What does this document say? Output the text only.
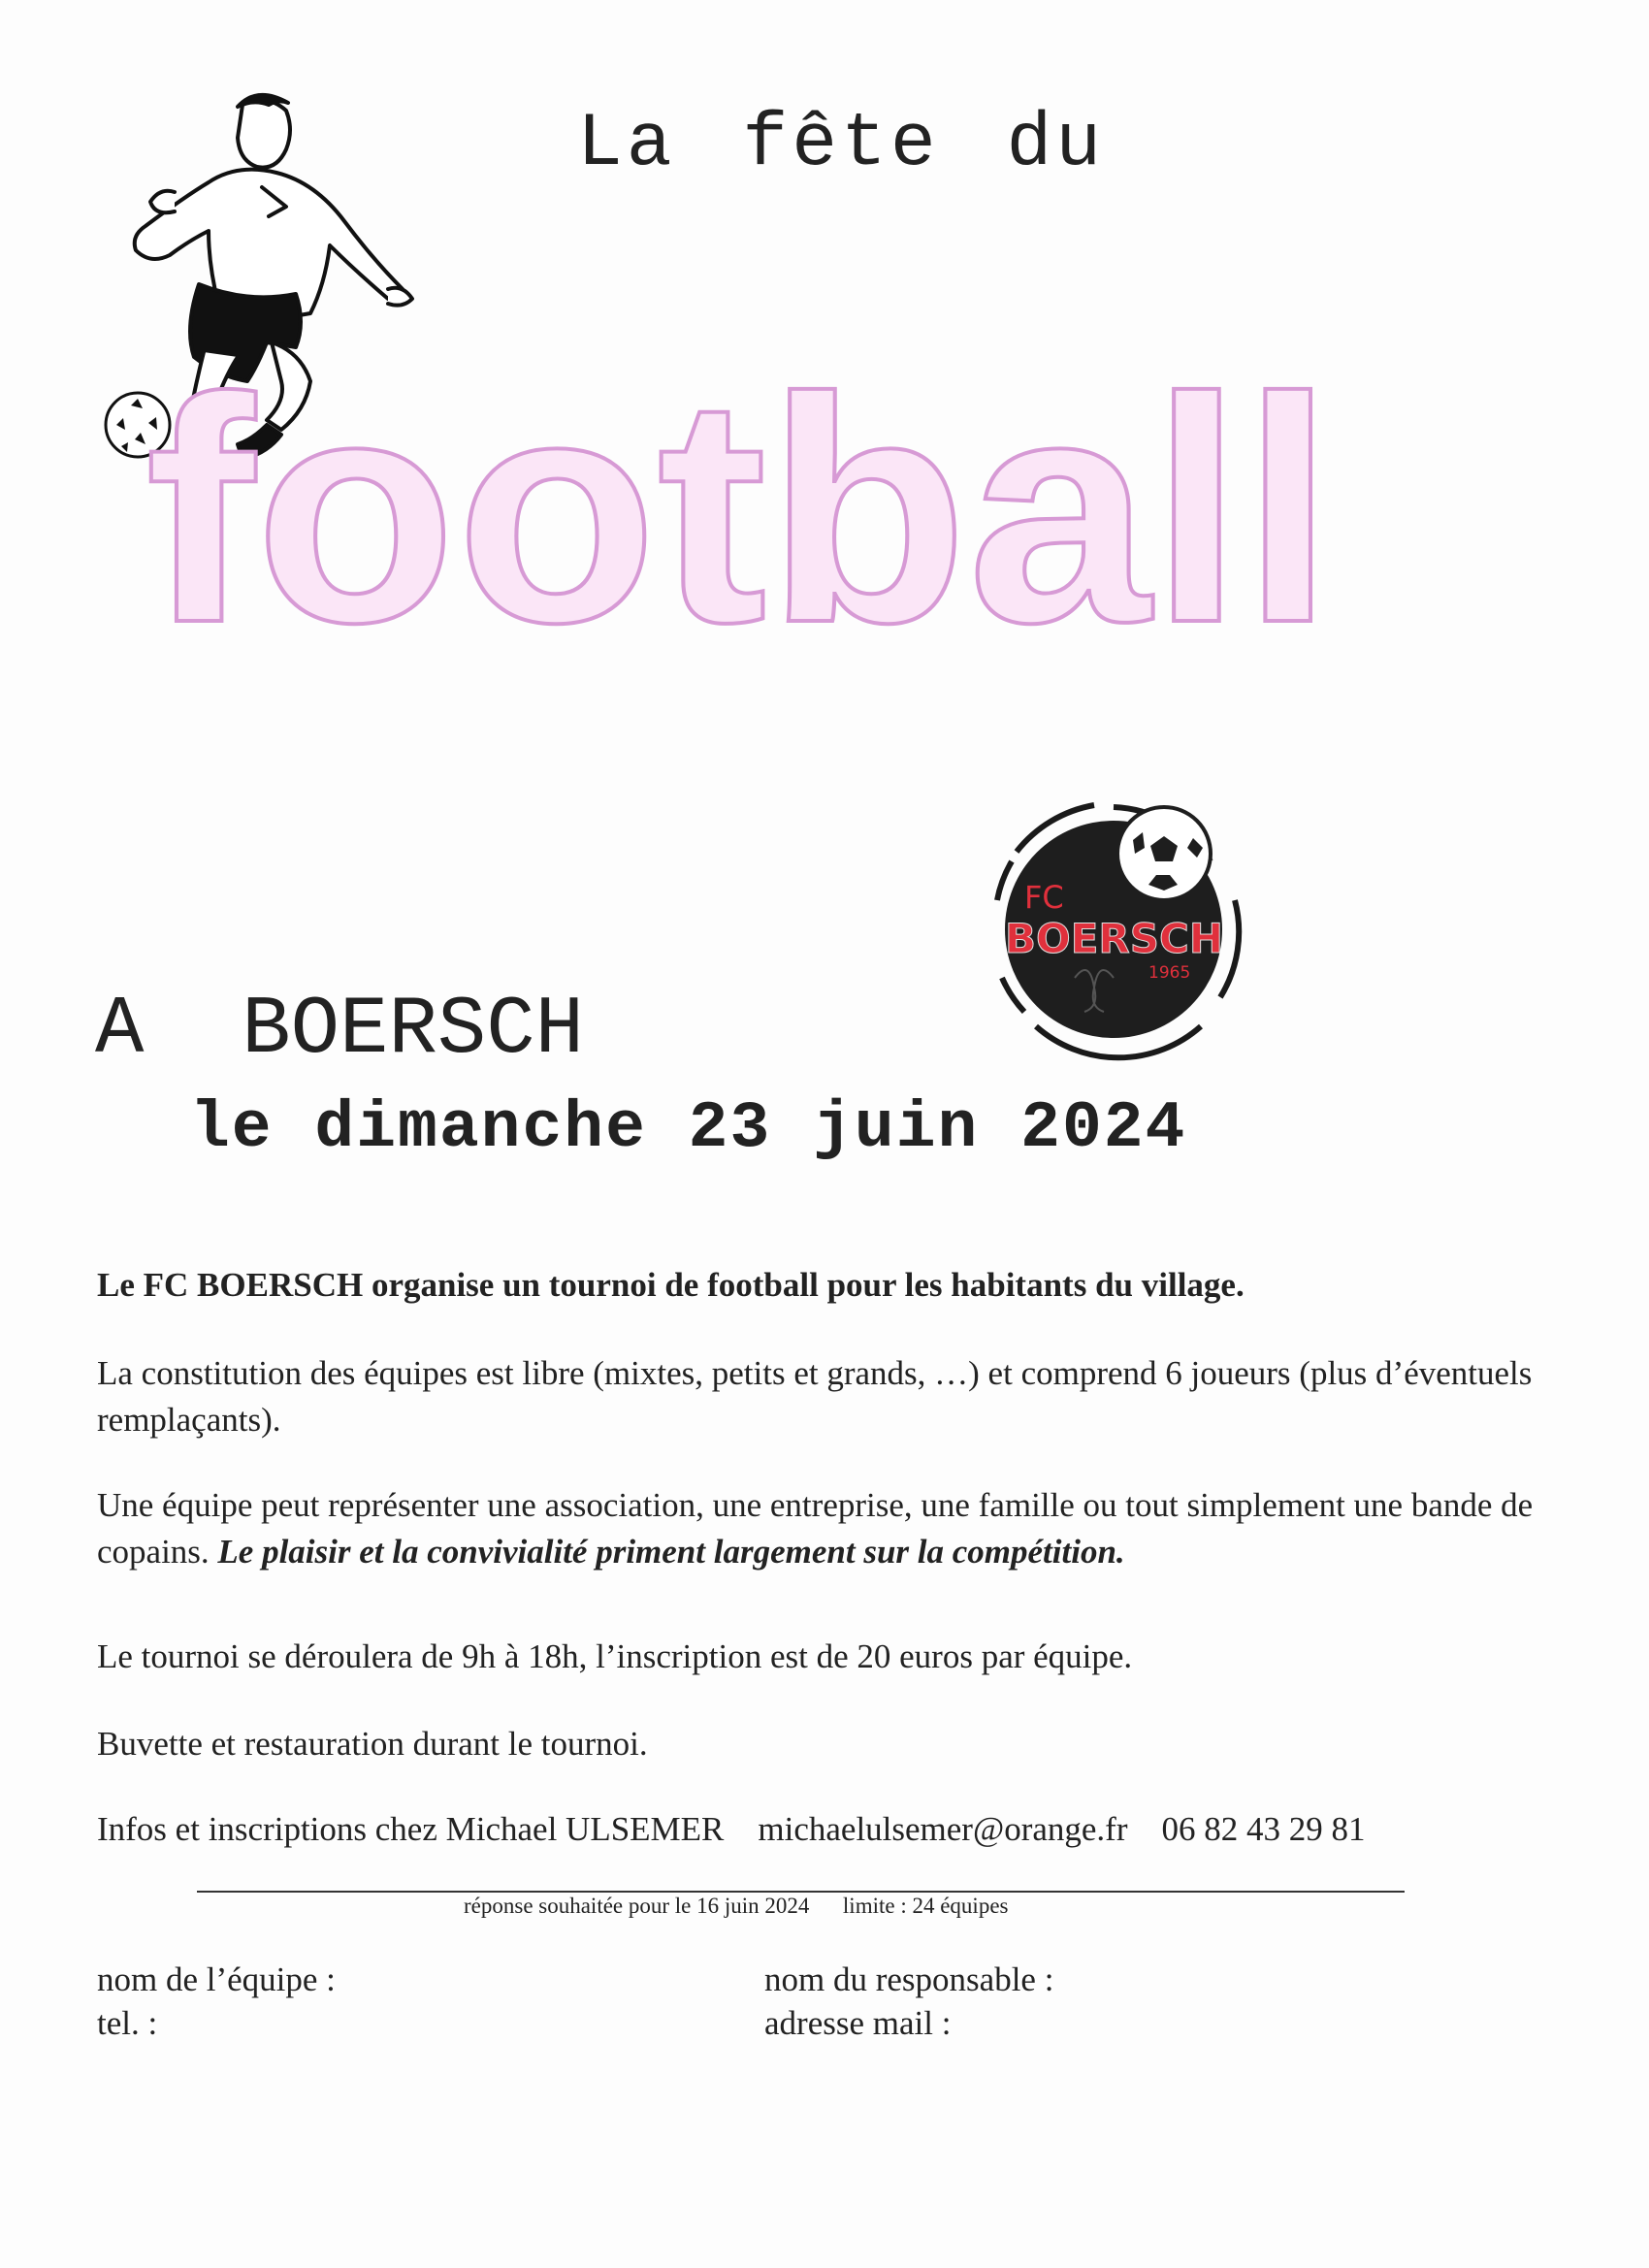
La fête du
football
FC
BOERSCH
1965
A  BOERSCH
le dimanche 23 juin 2024
Le FC BOERSCH organise un tournoi de football pour les habitants du village.
La constitution des équipes est libre (mixtes, petits et grands, …) et comprend 6 joueurs (plus d’éventuels remplaçants).
Une équipe peut représenter une association, une entreprise, une famille ou tout simplement une bande de copains. Le plaisir et la convivialité priment largement sur la compétition.
Le tournoi se déroulera de 9h à 18h, l’inscription est de 20 euros par équipe.
Buvette et restauration durant le tournoi.
Infos et inscriptions chez Michael ULSEMER michaelulsemer@orange.fr 06 82 43 29 81
réponse souhaitée pour le 16 juin 2024 limite : 24 équipes
nom de l’équipe :
tel. :
nom du responsable :
adresse mail :
